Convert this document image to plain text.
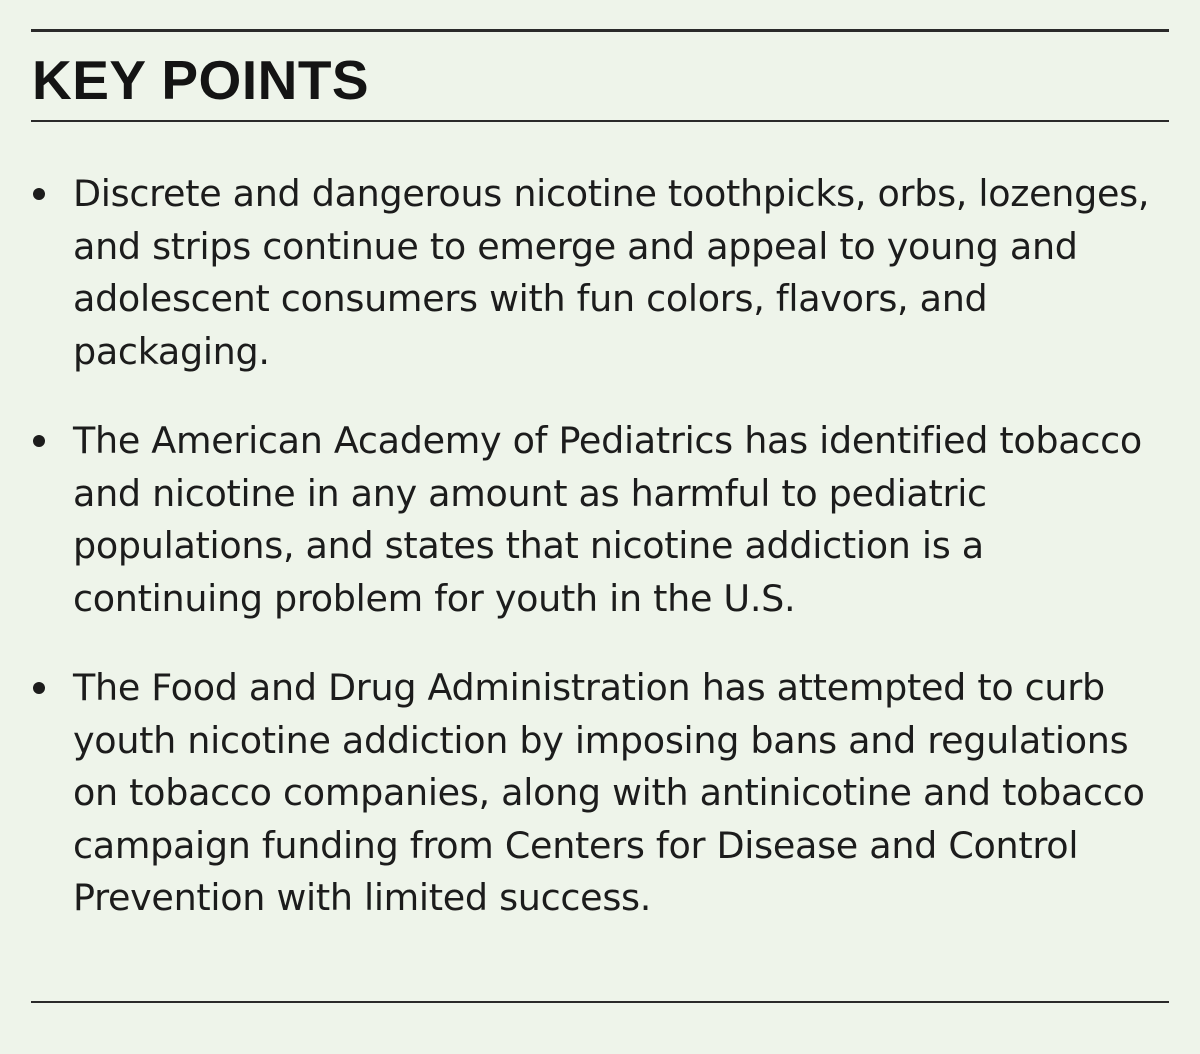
KEY POINTS
Discrete and dangerous nicotine toothpicks, orbs, lozenges, and strips continue to emerge and appeal to young and adolescent consumers with fun colors, flavors, and packaging.
The American Academy of Pediatrics has identified tobacco and nicotine in any amount as harmful to pediatric populations, and states that nicotine addiction is a continuing problem for youth in the U.S.
The Food and Drug Administration has attempted to curb youth nicotine addiction by imposing bans and regulations on tobacco companies, along with antinicotine and tobacco campaign funding from Centers for Disease and Control Prevention with limited success.
